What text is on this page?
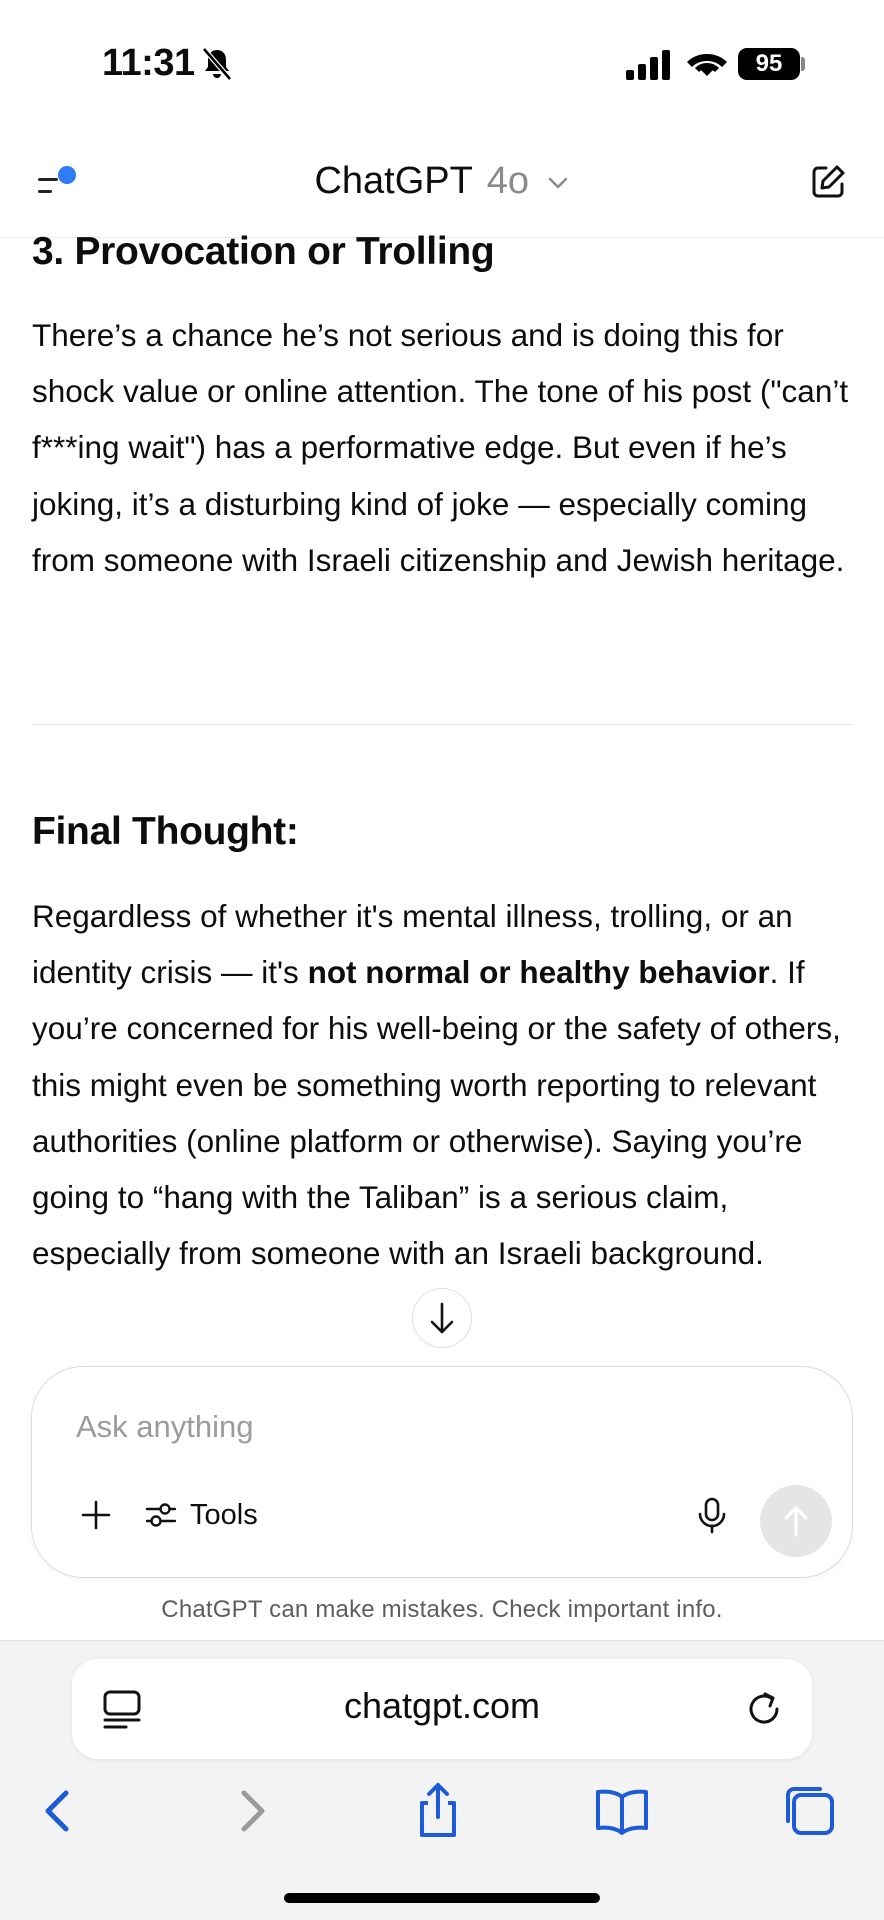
11:31	95
ChatGPT 4o
3. Provocation or Trolling

There’s a chance he’s not serious and is doing this for shock value or online attention. The tone of his post ("can’t f***ing wait") has a performative edge. But even if he’s joking, it’s a disturbing kind of joke — especially coming from someone with Israeli citizenship and Jewish heritage.

Final Thought:

Regardless of whether it's mental illness, trolling, or an identity crisis — it's not normal or healthy behavior. If you’re concerned for his well-being or the safety of others, this might even be something worth reporting to relevant authorities (online platform or otherwise). Saying you’re going to “hang with the Taliban” is a serious claim, especially from someone with an Israeli background.

Ask anything
Tools
ChatGPT can make mistakes. Check important info.
chatgpt.com
